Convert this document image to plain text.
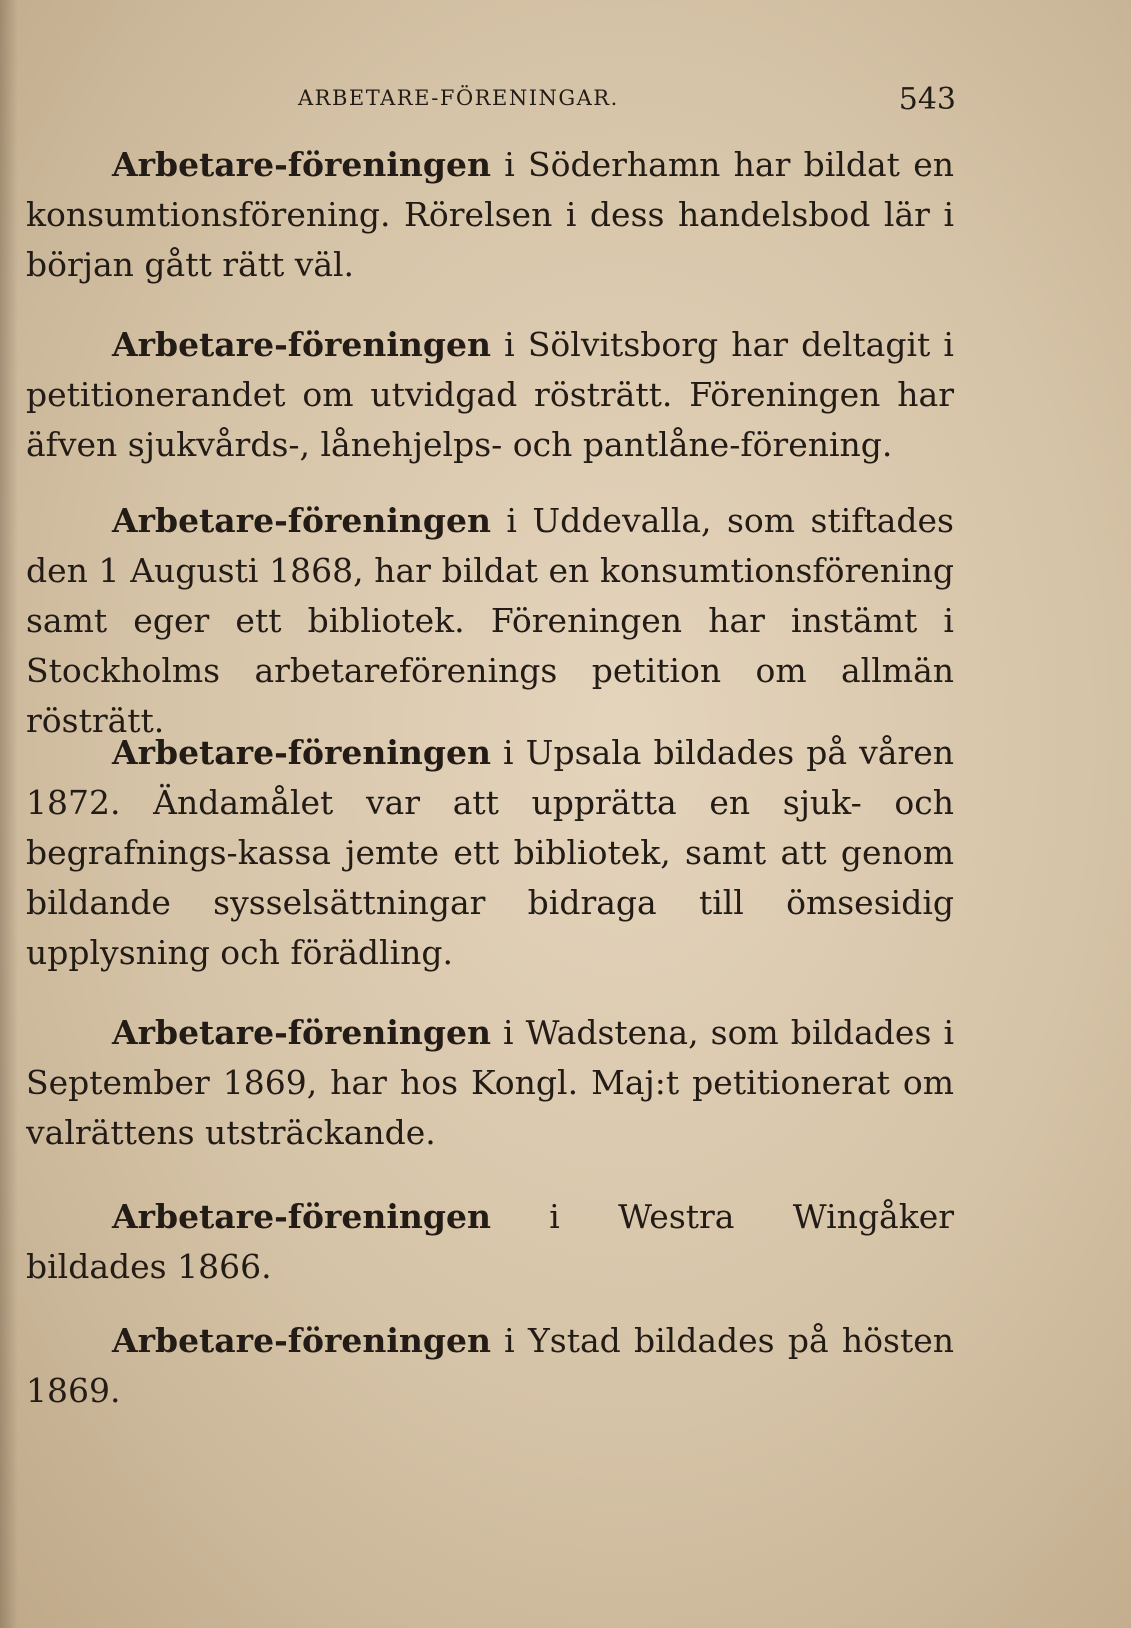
ARBETARE-FÖRENINGAR.	543

Arbetare-föreningen i Söderhamn har bildat en konsumtionsförening. Rörelsen i dess handelsbod lär i början gått rätt väl.

Arbetare-föreningen i Sölvitsborg har deltagit i petitionerandet om utvidgad rösträtt. Föreningen har äfven sjukvårds-, lånehjelps- och pantlåne-förening.

Arbetare-föreningen i Uddevalla, som stiftades den 1 Augusti 1868, har bildat en konsumtionsförening samt eger ett bibliotek. Föreningen har instämt i Stockholms arbetareförenings petition om allmän rösträtt.

Arbetare-föreningen i Upsala bildades på våren 1872. Ändamålet var att upprätta en sjuk- och begrafnings-kassa jemte ett bibliotek, samt att genom bildande sysselsättningar bidraga till ömsesidig upplysning och förädling.

Arbetare-föreningen i Wadstena, som bildades i September 1869, har hos Kongl. Maj:t petitionerat om valrättens utsträckande.

Arbetare-föreningen i Westra Wingåker bildades 1866.

Arbetare-föreningen i Ystad bildades på hösten 1869.
